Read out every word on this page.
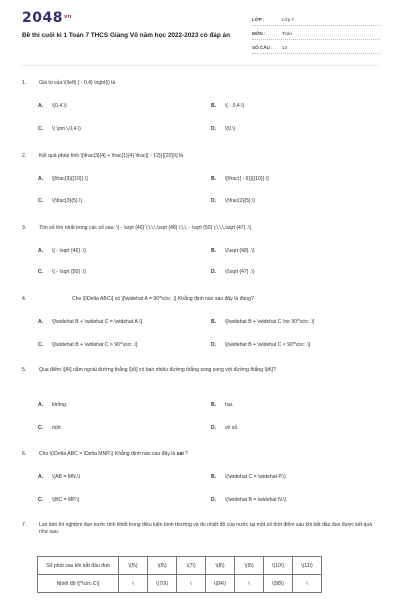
$2048^{vn}$
Đề thi cuối kì 1 Toán 7 THCS Giảng Võ năm học 2022-2023 có đáp án
LỚP :	Lớp 7
MÔN :	Toán
SỐ CÂU :	13
1.	Giá trị của \(\left| { - 0,4} \right|\) là
A. \(0,4.\)	B. \( - 0,4.\)
C. \( \pm \,0,4.\)	D. \(0.\)
2.	Kết quả phép tính \[\frac{3}{4} + \frac{1}{4}.\frac{{ - 12}}{{20}}\] là
A. \[\frac{9}{{10}}.\]	B. \[\frac{{ - 6}}{{10}}.\]
C. \(\frac{3}{5}.\)	D. \(\frac{2}{5}.\)
3.	Tìm số lớn nhất trong các số sau: \( - \sqrt {46} \;\,\,\,\sqrt {48} \;\,\, - \sqrt {50} \;\,\,\,\sqrt {47} .\)
A. \( - \sqrt {46} .\)	B. \(\sqrt {48} .\)
C. \( - \sqrt {50} .\)	D. \(\sqrt {47} .\)
4.	Cho \[\Delta ABC\] có \[\widehat A = 90^\circ .\] Khẳng định nào sau đây là đúng?
A. \[\widehat B + \widehat C = \widehat A.\]	B. \[\widehat B + \widehat C \ne 90^\circ .\]
C. \[\widehat B + \widehat C > 90^\circ .\]	D. \[\widehat B + \widehat C < 90^\circ .\]
5.	Qua điểm \[A\] nằm ngoài đường thẳng \[d\] có bao nhiêu đường thẳng song song với đường thẳng \[d\]?
A. không.	B. hai.
C. một.	D. vô số.
6.	Cho \(\Delta ABC = \Delta MNP.\) Khẳng định nào sau đây là sai ?
A. \(AB = MN.\)	B. \(\widehat C = \widehat P.\)
C. \(BC = MP.\)	D. \(\widehat B = \widehat N.\)
7.	Lan làm thí nghiệm đun nước tinh khiết trong điều kiện bình thường và đo nhiệt độ của nước tại một số thời điểm sau khi bắt đầu đun được kết quả như sau:
Số phút sau khi bắt đầu đun	\(5\)	\(6\)	\(7\)	\(8\)	\(9\)	\(10\)	\(11\)
Nhiệt độ \[^\circ C\]	\	\(70\)	\	\(84\)	\	\(98\)	\
